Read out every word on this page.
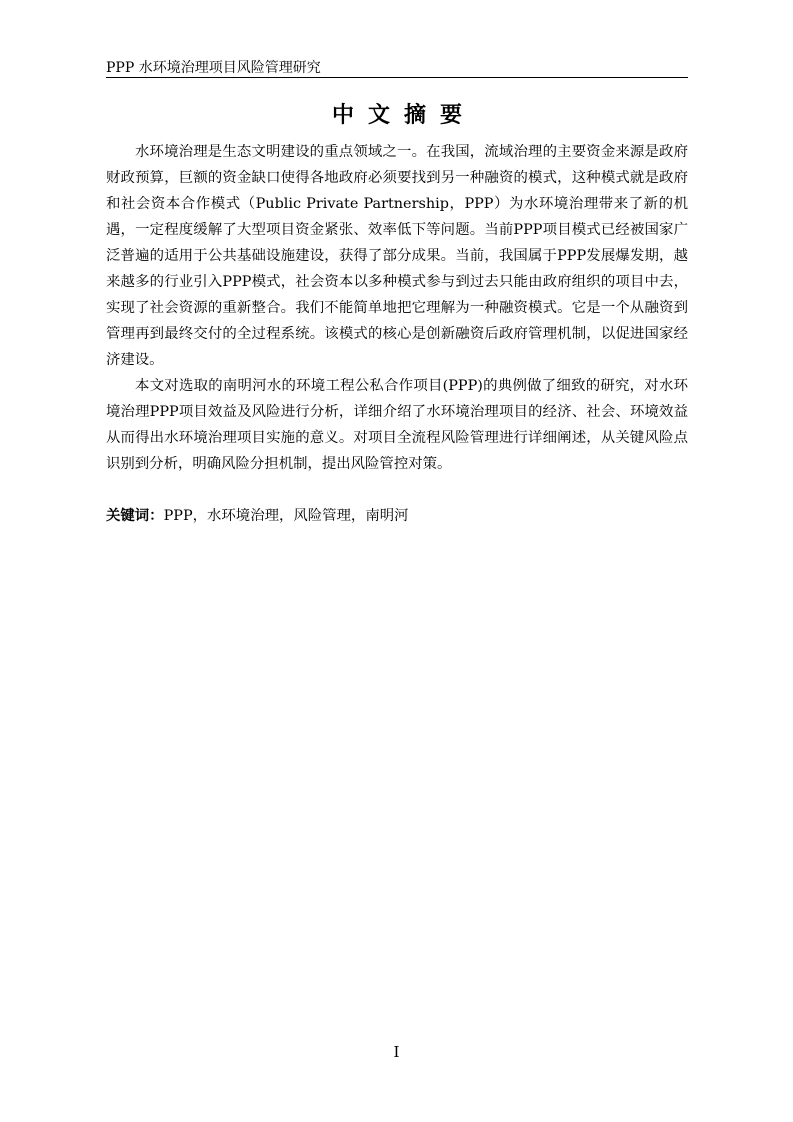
PPP 水环境治理项目风险管理研究
中文摘要

水环境治理是生态文明建设的重点领域之一。在我国，流域治理的主要资金来源是政府财政预算，巨额的资金缺口使得各地政府必须要找到另一种融资的模式，这种模式就是政府和社会资本合作模式（Public Private Partnership，PPP）为水环境治理带来了新的机遇，一定程度缓解了大型项目资金紧张、效率低下等问题。当前PPP项目模式已经被国家广泛普遍的适用于公共基础设施建设，获得了部分成果。当前，我国属于PPP发展爆发期，越来越多的行业引入PPP模式，社会资本以多种模式参与到过去只能由政府组织的项目中去，实现了社会资源的重新整合。我们不能简单地把它理解为一种融资模式。它是一个从融资到管理再到最终交付的全过程系统。该模式的核心是创新融资后政府管理机制，以促进国家经济建设。

本文对选取的南明河水的环境工程公私合作项目(PPP)的典例做了细致的研究，对水环境治理PPP项目效益及风险进行分析，详细介绍了水环境治理项目的经济、社会、环境效益从而得出水环境治理项目实施的意义。对项目全流程风险管理进行详细阐述，从关键风险点识别到分析，明确风险分担机制，提出风险管控对策。

关键词：PPP，水环境治理，风险管理，南明河
I
